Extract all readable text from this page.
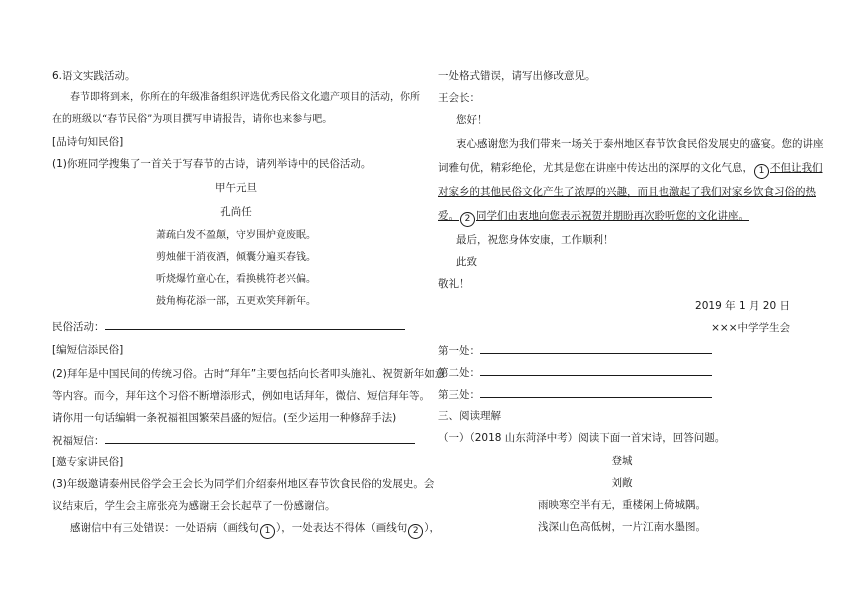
6.语文实践活动。
春节即将到来，你所在的年级准备组织评选优秀民俗文化遗产项目的活动，你所
在的班级以“春节民俗”为项目撰写申请报告，请你也来参与吧。
[品诗句知民俗]
(1)你班同学搜集了一首关于写春节的古诗，请列举诗中的民俗活动。
甲午元旦
孔尚任
萧疏白发不盈颠，守岁围炉竟废眠。
剪烛催干消夜酒，倾囊分遍买春钱。
听烧爆竹童心在，看换桃符老兴偏。
鼓角梅花添一部，五更欢笑拜新年。
民俗活动：
[编短信添民俗]
(2)拜年是中国民间的传统习俗。古时“拜年”主要包括向长者叩头施礼、祝贺新年如意
等内容。而今，拜年这个习俗不断增添形式，例如电话拜年，微信、短信拜年等。
请你用一句话编辑一条祝福祖国繁荣昌盛的短信。(至少运用一种修辞手法)
祝福短信：
[邀专家讲民俗]
(3)年级邀请泰州民俗学会王会长为同学们介绍泰州地区春节饮食民俗的发展史。会
议结束后，学生会主席张亮为感谢王会长起草了一份感谢信。
感谢信中有三处错误：一处语病（画线句 1 ），一处表达不得体（画线句 2 ），
一处格式错误，请写出修改意见。
王会长：
您好！
衷心感谢您为我们带来一场关于泰州地区春节饮食民俗发展史的盛宴。您的讲座
词雅句优，精彩绝伦，尤其是您在讲座中传达出的深厚的文化气息， 1 不但让我们
对家乡的其他民俗文化产生了浓厚的兴趣，而且也激起了我们对家乡饮食习俗的热
爱。 2 同学们由衷地向您表示祝贺并期盼再次聆听您的文化讲座。
最后，祝您身体安康，工作顺利！
此致
敬礼！
2019 年 1 月 20 日
×××中学学生会
第一处：
第二处：
第三处：
三、阅读理解
（一）（2018 山东菏泽中考）阅读下面一首宋诗，回答问题。
登城
刘敞
雨映寒空半有无，重楼闲上倚城隅。
浅深山色高低树，一片江南水墨图。
